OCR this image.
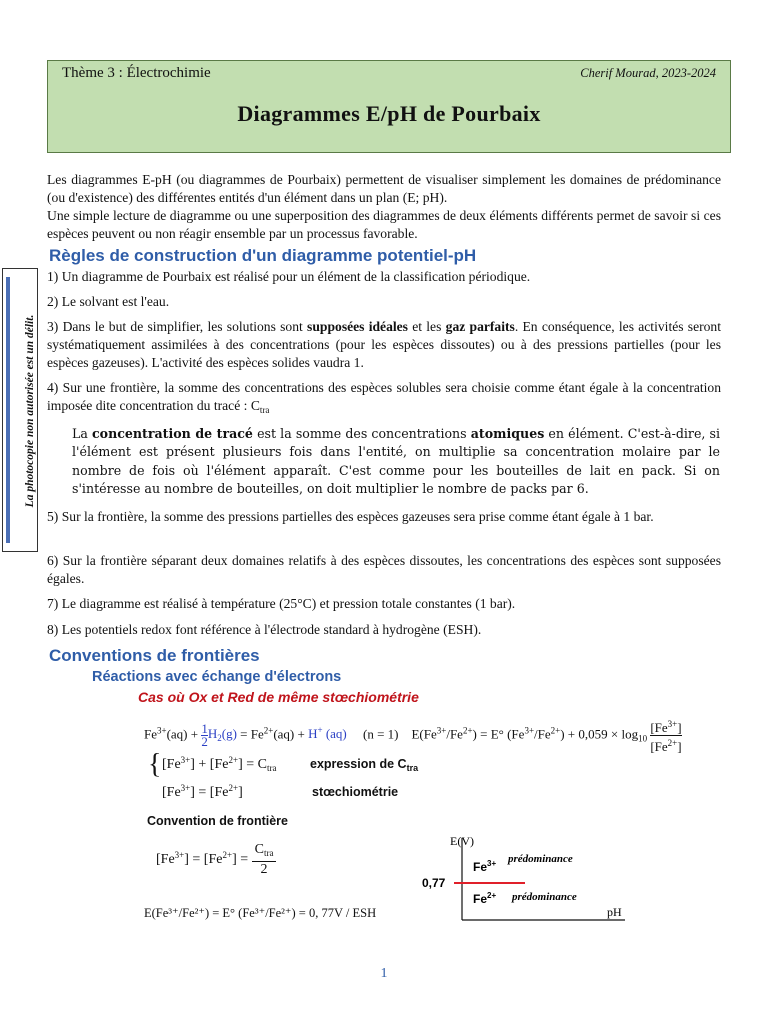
Thème 3 : Électrochimie	Cherif Mourad, 2023-2024
Diagrammes E/pH de Pourbaix
La photocopie non autorisée est un délit.

Les diagrammes E-pH (ou diagrammes de Pourbaix) permettent de visualiser simplement les domaines de prédominance (ou d'existence) des différentes entités d'un élément dans un plan (E; pH).

Une simple lecture de diagramme ou une superposition des diagrammes de deux éléments différents permet de savoir si ces espèces peuvent ou non réagir ensemble par un processus favorable.

Règles de construction d'un diagramme potentiel-pH

1) Un diagramme de Pourbaix est réalisé pour un élément de la classification périodique.

2) Le solvant est l'eau.

3) Dans le but de simplifier, les solutions sont supposées idéales et les gaz parfaits. En conséquence, les activités seront systématiquement assimilées à des concentrations (pour les espèces dissoutes) ou à des pressions partielles (pour les espèces gazeuses). L'activité des espèces solides vaudra 1.

4) Sur une frontière, la somme des concentrations des espèces solubles sera choisie comme étant égale à la concentration imposée dite concentration du tracé : $C_{tra}$

La concentration de tracé est la somme des concentrations atomiques en élément. C'est-à-dire, si l'élément est présent plusieurs fois dans l'entité, on multiplie sa concentration molaire par le nombre de fois où l'élément apparaît. C'est comme pour les bouteilles de lait en pack. Si on s'intéresse au nombre de bouteilles, on doit multiplier le nombre de packs par 6.

5) Sur la frontière, la somme des pressions partielles des espèces gazeuses sera prise comme étant égale à 1 bar.

6) Sur la frontière séparant deux domaines relatifs à des espèces dissoutes, les concentrations des espèces sont supposées égales.

7) Le diagramme est réalisé à température (25°C) et pression totale constantes (1 bar).

8) Les potentiels redox font référence à l'électrode standard à hydrogène (ESH).

Conventions de frontières
Réactions avec échange d'électrons
Cas où Ox et Red de même stœchiométrie
$Fe^{3+}(aq) + \frac{1}{2} H_2(g) = Fe^{2+}(aq) + H^+$ (aq)     (n = 1)    $E(Fe^{3+}/Fe^{2+}) = E^\circ$ $(Fe^{3+}/Fe^{2+}) + 0,059 \times \log_{10} \frac{[Fe^{3+}]}{[Fe^{2+}]}$
{ $[Fe^{3+}] + [Fe^{2+}] = C_{tra}$
$[Fe^{3+}] = [Fe^{2+}]$
expression de $C_{tra}$
stœchiométrie
Convention de frontière
$[Fe^{3+}] = [Fe^{2+}]$ =
$C_{tra}$
2
E(Fe³⁺/Fe²⁺) = E° (Fe³⁺/Fe²⁺) = 0, 77V / ESH
E(V)
pH
0,77
$Fe^{3+}$
$Fe^{2+}$
prédominance
prédominance
1
